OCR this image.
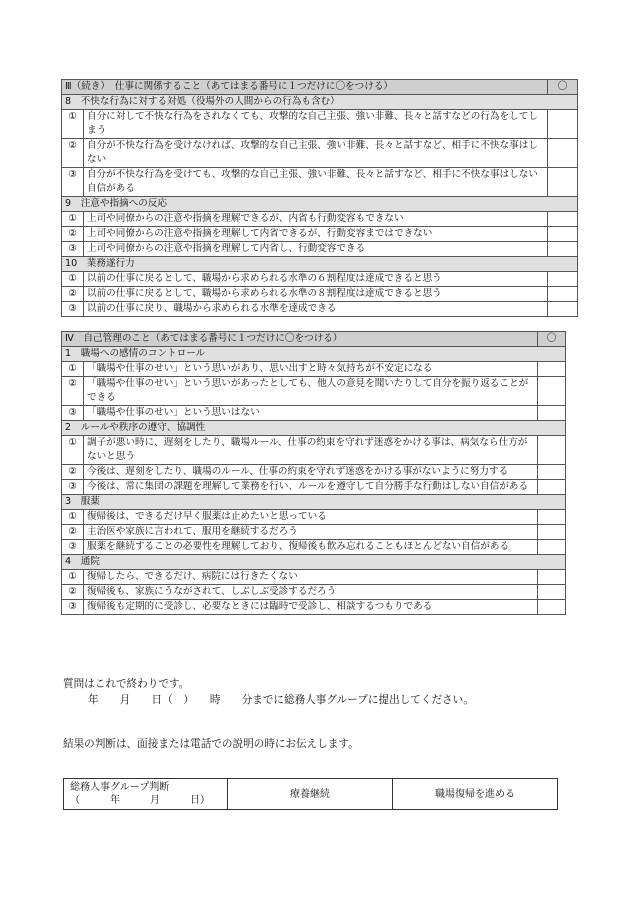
Ⅲ（続き）　仕事に関係すること（あてはまる番号に１つだけに〇をつける）		〇
8　不快な行為に対する対処（役場外の人間からの行為も含む）		
①	自分に対して不快な行為をされなくても、攻撃的な自己主張、強い非難、長々と話すなどの行為をしてしまう	
②	自分が不快な行為を受けなければ、攻撃的な自己主張、強い非難、長々と話すなど、相手に不快な事はしない	
③	自分が不快な行為を受けても、攻撃的な自己主張、強い非難、長々と話すなど、相手に不快な事はしない自信がある	
9　注意や指摘への反応		
①	上司や同僚からの注意や指摘を理解できるが、内省も行動変容もできない	
②	上司や同僚からの注意や指摘を理解して内省できるが、行動変容まではできない	
③	上司や同僚からの注意や指摘を理解して内省し、行動変容できる	
10　業務遂行力		
①	以前の仕事に戻るとして、職場から求められる水準の６割程度は達成できると思う	
②	以前の仕事に戻るとして、職場から求められる水準の８割程度は達成できると思う	
③	以前の仕事に戻り、職場から求められる水準を達成できる	
Ⅳ　自己管理のこと（あてはまる番号に１つだけに〇をつける）		〇
1　職場への感情のコントロール		
①	「職場や仕事のせい」という思いがあり、思い出すと時々気持ちが不安定になる	
②	「職場や仕事のせい」という思いがあったとしても、他人の意見を聞いたりして自分を振り返ることができる	
③	「職場や仕事のせい」という思いはない	
2　ルールや秩序の遵守、協調性		
①	調子が悪い時に、遅刻をしたり、職場ルール、仕事の約束を守れず迷惑をかける事は、病気なら仕方がないと思う	
②	今後は、遅刻をしたり、職場のルール、仕事の約束を守れず迷惑をかける事がないように努力する	
③	今後は、常に集団の課題を理解して業務を行い、ルールを遵守して自分勝手な行動はしない自信がある	
3　服薬		
①	復帰後は、できるだけ早く服薬は止めたいと思っている	
②	主治医や家族に言われて、服用を継続するだろう	
③	服薬を継続することの必要性を理解しており、復帰後も飲み忘れることもほとんどない自信がある	
4　通院		
①	復帰したら、できるだけ、病院には行きたくない	
②	復帰後も、家族にうながされて、しぶしぶ受診するだろう	
③	復帰後も定期的に受診し、必要なときには臨時で受診し、相談するつもりである	
質問はこれで終わりです。
年　　月　　日（　）　　時　　分までに総務人事グループに提出してください。
結果の判断は、面接または電話での説明の時にお伝えします。
総務人事グループ判断
（　　　年　　　月　　　日）
	療養継続	職場復帰を進める
